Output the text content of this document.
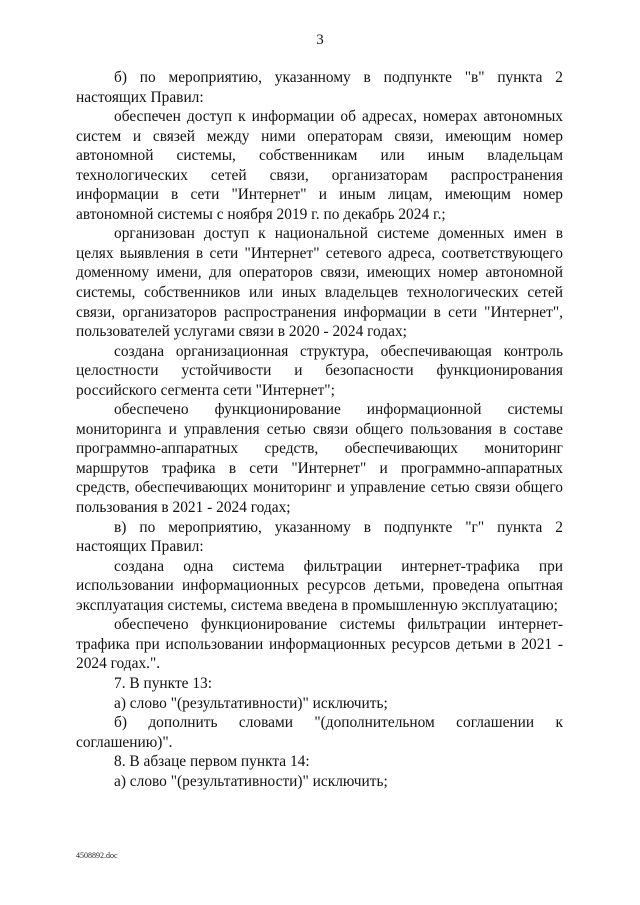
3

б) по мероприятию, указанному в подпункте "в" пункта 2 настоящих Правил:

обеспечен доступ к информации об адресах, номерах автономных систем и связей между ними операторам связи, имеющим номер автономной системы, собственникам или иным владельцам технологических сетей связи, организаторам распространения информации в сети "Интернет" и иным лицам, имеющим номер автономной системы с ноября 2019 г. по декабрь 2024 г.;

организован доступ к национальной системе доменных имен в целях выявления в сети "Интернет" сетевого адреса, соответствующего доменному имени, для операторов связи, имеющих номер автономной системы, собственников или иных владельцев технологических сетей связи, организаторов распространения информации в сети "Интернет", пользователей услугами связи в 2020 - 2024 годах;

создана организационная структура, обеспечивающая контроль целостности устойчивости и безопасности функционирования российского сегмента сети "Интернет";

обеспечено функционирование информационной системы мониторинга и управления сетью связи общего пользования в составе программно-аппаратных средств, обеспечивающих мониторинг маршрутов трафика в сети "Интернет" и программно-аппаратных средств, обеспечивающих мониторинг и управление сетью связи общего пользования в 2021 - 2024 годах;

в) по мероприятию, указанному в подпункте "г" пункта 2 настоящих Правил:

создана одна система фильтрации интернет-трафика при использовании информационных ресурсов детьми, проведена опытная эксплуатация системы, система введена в промышленную эксплуатацию;

обеспечено функционирование системы фильтрации интернет-трафика при использовании информационных ресурсов детьми в 2021 - 2024 годах.".

7. В пункте 13:

а) слово "(результативности)" исключить;

б) дополнить словами "(дополнительном соглашении к соглашению)".

8. В абзаце первом пункта 14:

а) слово "(результативности)" исключить;

4508892.doc
